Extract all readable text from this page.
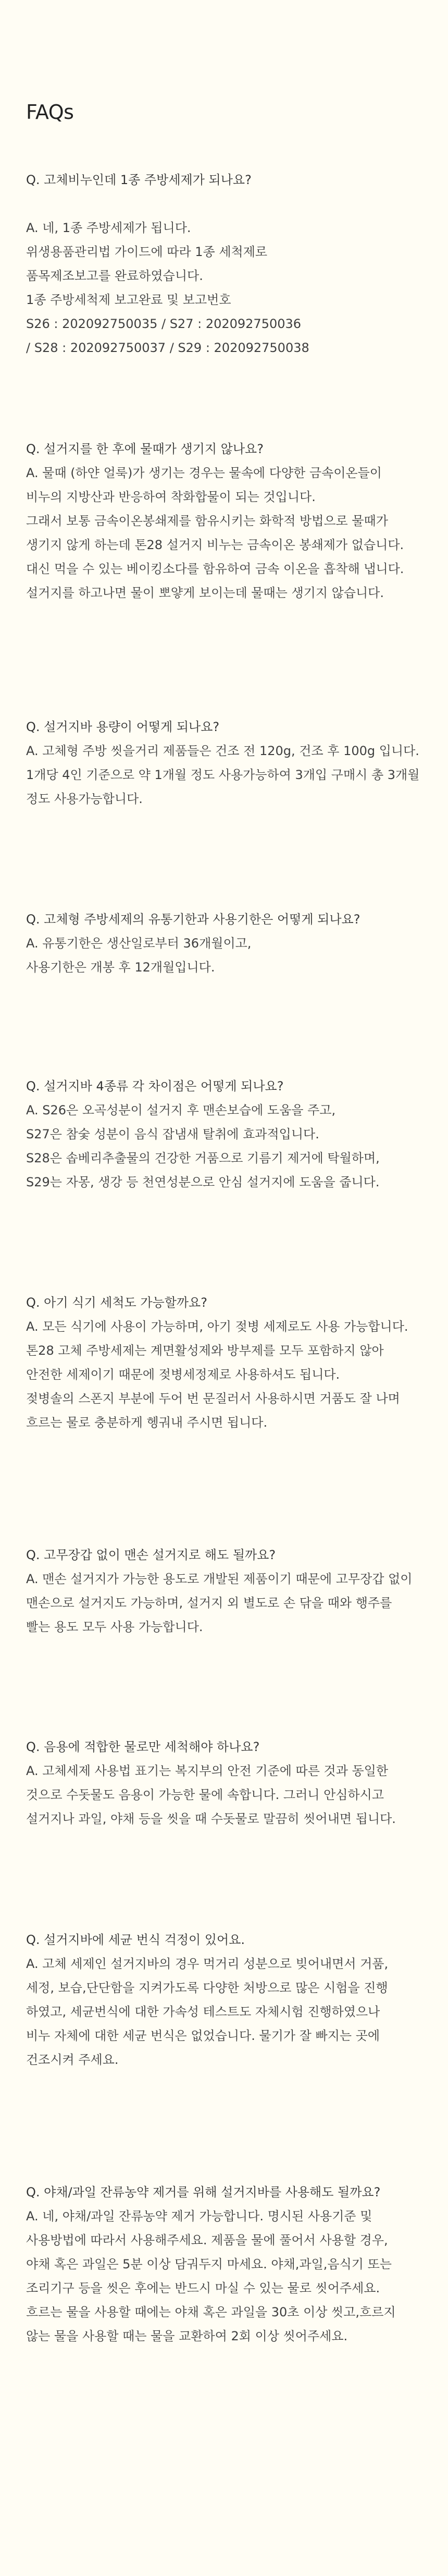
FAQs

Q. 고체비누인데 1종 주방세제가 되나요?

A. 네, 1종 주방세제가 됩니다.
위생용품관리법 가이드에 따라 1종 세척제로
품목제조보고를 완료하였습니다.
1종 주방세척제 보고완료 및 보고번호
S26 : 202092750035 / S27 : 202092750036
/ S28 : 202092750037 / S29 : 202092750038

Q. 설거지를 한 후에 물때가 생기지 않나요?

A. 물때 (하얀 얼룩)가 생기는 경우는 물속에 다양한 금속이온들이
비누의 지방산과 반응하여 착화합물이 되는 것입니다.
그래서 보통 금속이온봉쇄제를 함유시키는 화학적 방법으로 물때가
생기지 않게 하는데 톤28 설거지 비누는 금속이온 봉쇄제가 없습니다.
대신 먹을 수 있는 베이킹소다를 함유하여 금속 이온을 흡착해 냅니다.
설거지를 하고나면 물이 뽀얗게 보이는데 물때는 생기지 않습니다.

Q. 설거지바 용량이 어떻게 되나요?

A. 고체형 주방 씻을거리 제품들은 건조 전 120g, 건조 후 100g 입니다.
1개당 4인 기준으로 약 1개월 정도 사용가능하여 3개입 구매시 총 3개월
정도 사용가능합니다.

Q. 고체형 주방세제의 유통기한과 사용기한은 어떻게 되나요?

A. 유통기한은 생산일로부터 36개월이고,
사용기한은 개봉 후 12개월입니다.

Q. 설거지바 4종류 각 차이점은 어떻게 되나요?

A. S26은 오곡성분이 설거지 후 맨손보습에 도움을 주고,
S27은 참숯 성분이 음식 잡냄새 탈취에 효과적입니다.
S28은 솝베리추출물의 건강한 거품으로 기름기 제거에 탁월하며,
S29는 자몽, 생강 등 천연성분으로 안심 설거지에 도움을 줍니다.

Q. 아기 식기 세척도 가능할까요?

A. 모든 식기에 사용이 가능하며, 아기 젖병 세제로도 사용 가능합니다.
톤28 고체 주방세제는 계면활성제와 방부제를 모두 포함하지 않아
안전한 세제이기 때문에 젖병세정제로 사용하셔도 됩니다.
젖병솔의 스폰지 부분에 두어 번 문질러서 사용하시면 거품도 잘 나며
흐르는 물로 충분하게 헹궈내 주시면 됩니다.

Q. 고무장갑 없이 맨손 설거지로 해도 될까요?

A. 맨손 설거지가 가능한 용도로 개발된 제품이기 때문에 고무장갑 없이
맨손으로 설거지도 가능하며, 설거지 외 별도로 손 닦을 때와 행주를
빨는 용도 모두 사용 가능합니다.

Q. 음용에 적합한 물로만 세척해야 하나요?

A. 고체세제 사용법 표기는 복지부의 안전 기준에 따른 것과 동일한
것으로 수돗물도 음용이 가능한 물에 속합니다. 그러니 안심하시고
설거지나 과일, 야채 등을 씻을 때 수돗물로 말끔히 씻어내면 됩니다.

Q. 설거지바에 세균 번식 걱정이 있어요.

A. 고체 세제인 설거지바의 경우 먹거리 성분으로 빚어내면서 거품,
세정, 보습,단단함을 지켜가도록 다양한 처방으로 많은 시험을 진행
하였고, 세균번식에 대한 가속성 테스트도 자체시험 진행하였으나
비누 자체에 대한 세균 번식은 없었습니다. 물기가 잘 빠지는 곳에
건조시켜 주세요.

Q. 야채/과일 잔류농약 제거를 위해 설거지바를 사용해도 될까요?

A. 네, 야채/과일 잔류농약 제거 가능합니다. 명시된 사용기준 및
사용방법에 따라서 사용해주세요. 제품을 물에 풀어서 사용할 경우,
야채 혹은 과일은 5분 이상 담궈두지 마세요. 야채,과일,음식기 또는
조리기구 등을 씻은 후에는 반드시 마실 수 있는 물로 씻어주세요.
흐르는 물을 사용할 때에는 야채 혹은 과일을 30초 이상 씻고,흐르지
않는 물을 사용할 때는 물을 교환하여 2회 이상 씻어주세요.
